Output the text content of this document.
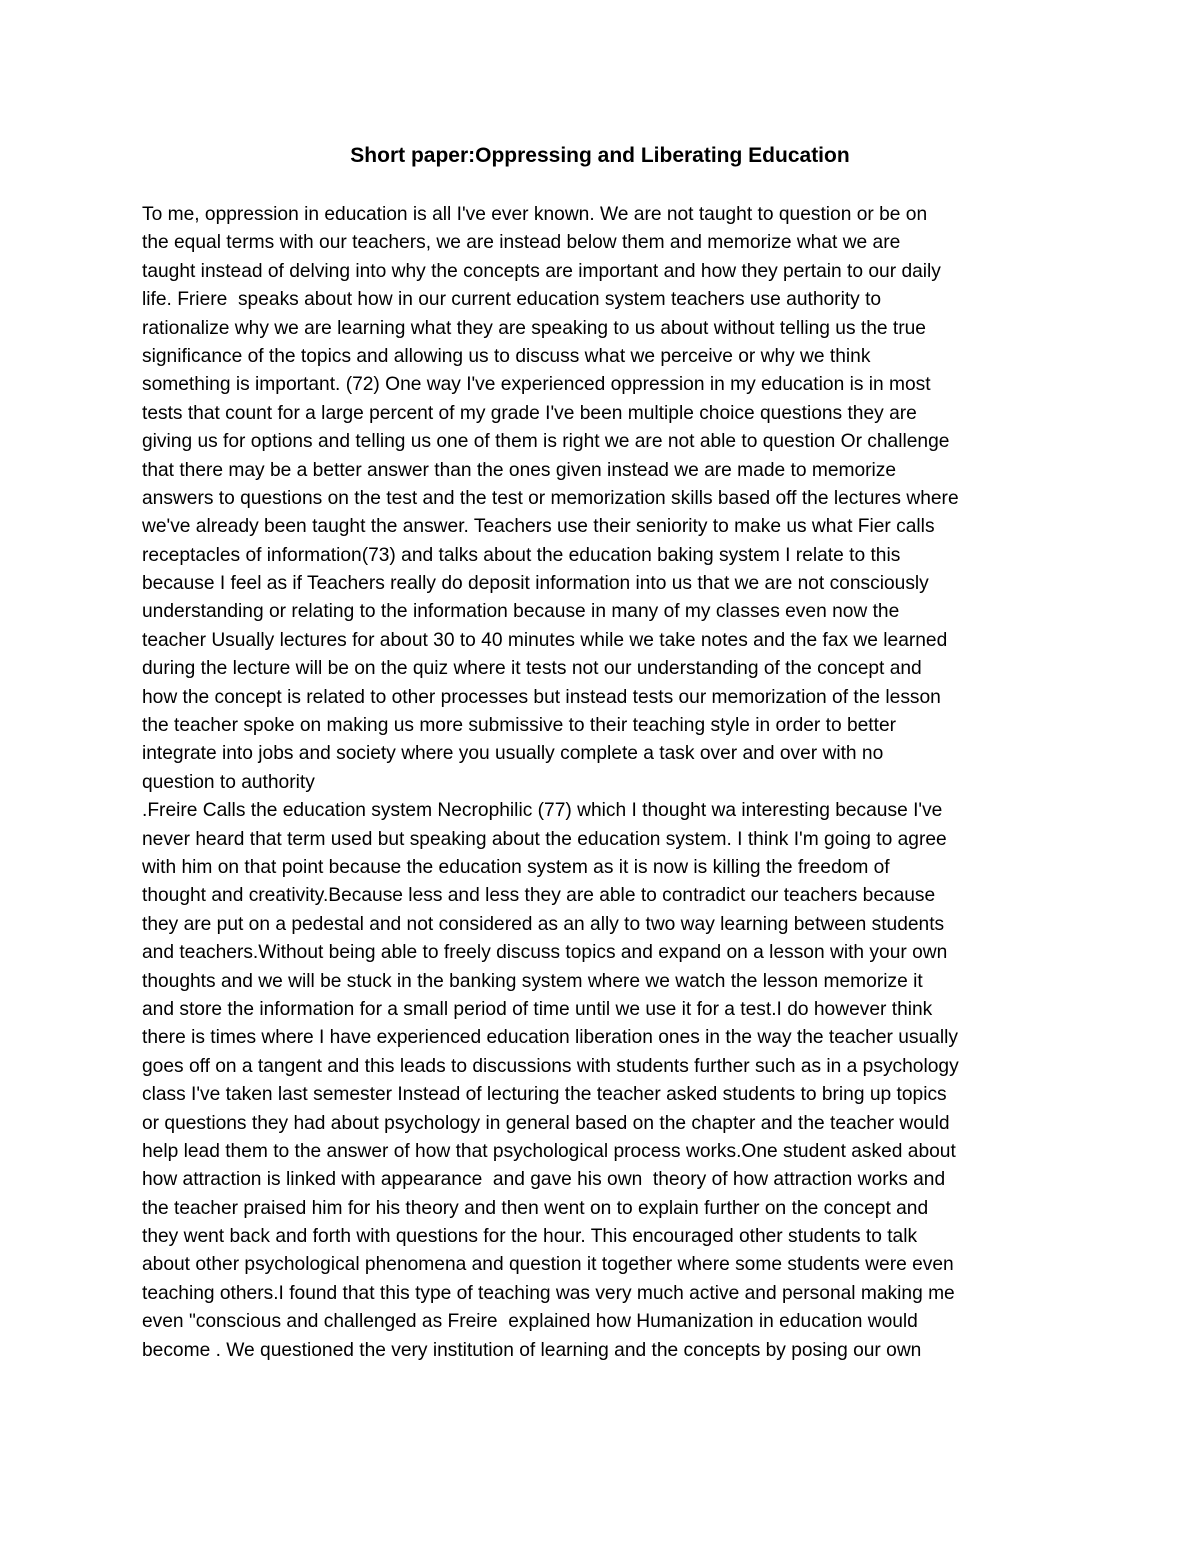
Short paper:Oppressing and Liberating Education
To me, oppression in education is all I've ever known. We are not taught to question or be on
the equal terms with our teachers, we are instead below them and memorize what we are
taught instead of delving into why the concepts are important and how they pertain to our daily
life. Friere  speaks about how in our current education system teachers use authority to
rationalize why we are learning what they are speaking to us about without telling us the true
significance of the topics and allowing us to discuss what we perceive or why we think
something is important. (72) One way I've experienced oppression in my education is in most
tests that count for a large percent of my grade I've been multiple choice questions they are
giving us for options and telling us one of them is right we are not able to question Or challenge
that there may be a better answer than the ones given instead we are made to memorize
answers to questions on the test and the test or memorization skills based off the lectures where
we've already been taught the answer. Teachers use their seniority to make us what Fier calls
receptacles of information(73) and talks about the education baking system I relate to this
because I feel as if Teachers really do deposit information into us that we are not consciously
understanding or relating to the information because in many of my classes even now the
teacher Usually lectures for about 30 to 40 minutes while we take notes and the fax we learned
during the lecture will be on the quiz where it tests not our understanding of the concept and
how the concept is related to other processes but instead tests our memorization of the lesson
the teacher spoke on making us more submissive to their teaching style in order to better
integrate into jobs and society where you usually complete a task over and over with no
question to authority
.Freire Calls the education system Necrophilic (77) which I thought wa interesting because I've
never heard that term used but speaking about the education system. I think I'm going to agree
with him on that point because the education system as it is now is killing the freedom of
thought and creativity.Because less and less they are able to contradict our teachers because
they are put on a pedestal and not considered as an ally to two way learning between students
and teachers.Without being able to freely discuss topics and expand on a lesson with your own
thoughts and we will be stuck in the banking system where we watch the lesson memorize it
and store the information for a small period of time until we use it for a test.I do however think
there is times where I have experienced education liberation ones in the way the teacher usually
goes off on a tangent and this leads to discussions with students further such as in a psychology
class I've taken last semester Instead of lecturing the teacher asked students to bring up topics
or questions they had about psychology in general based on the chapter and the teacher would
help lead them to the answer of how that psychological process works.One student asked about
how attraction is linked with appearance  and gave his own  theory of how attraction works and
the teacher praised him for his theory and then went on to explain further on the concept and
they went back and forth with questions for the hour. This encouraged other students to talk
about other psychological phenomena and question it together where some students were even
teaching others.I found that this type of teaching was very much active and personal making me
even "conscious and challenged as Freire  explained how Humanization in education would
become . We questioned the very institution of learning and the concepts by posing our own
